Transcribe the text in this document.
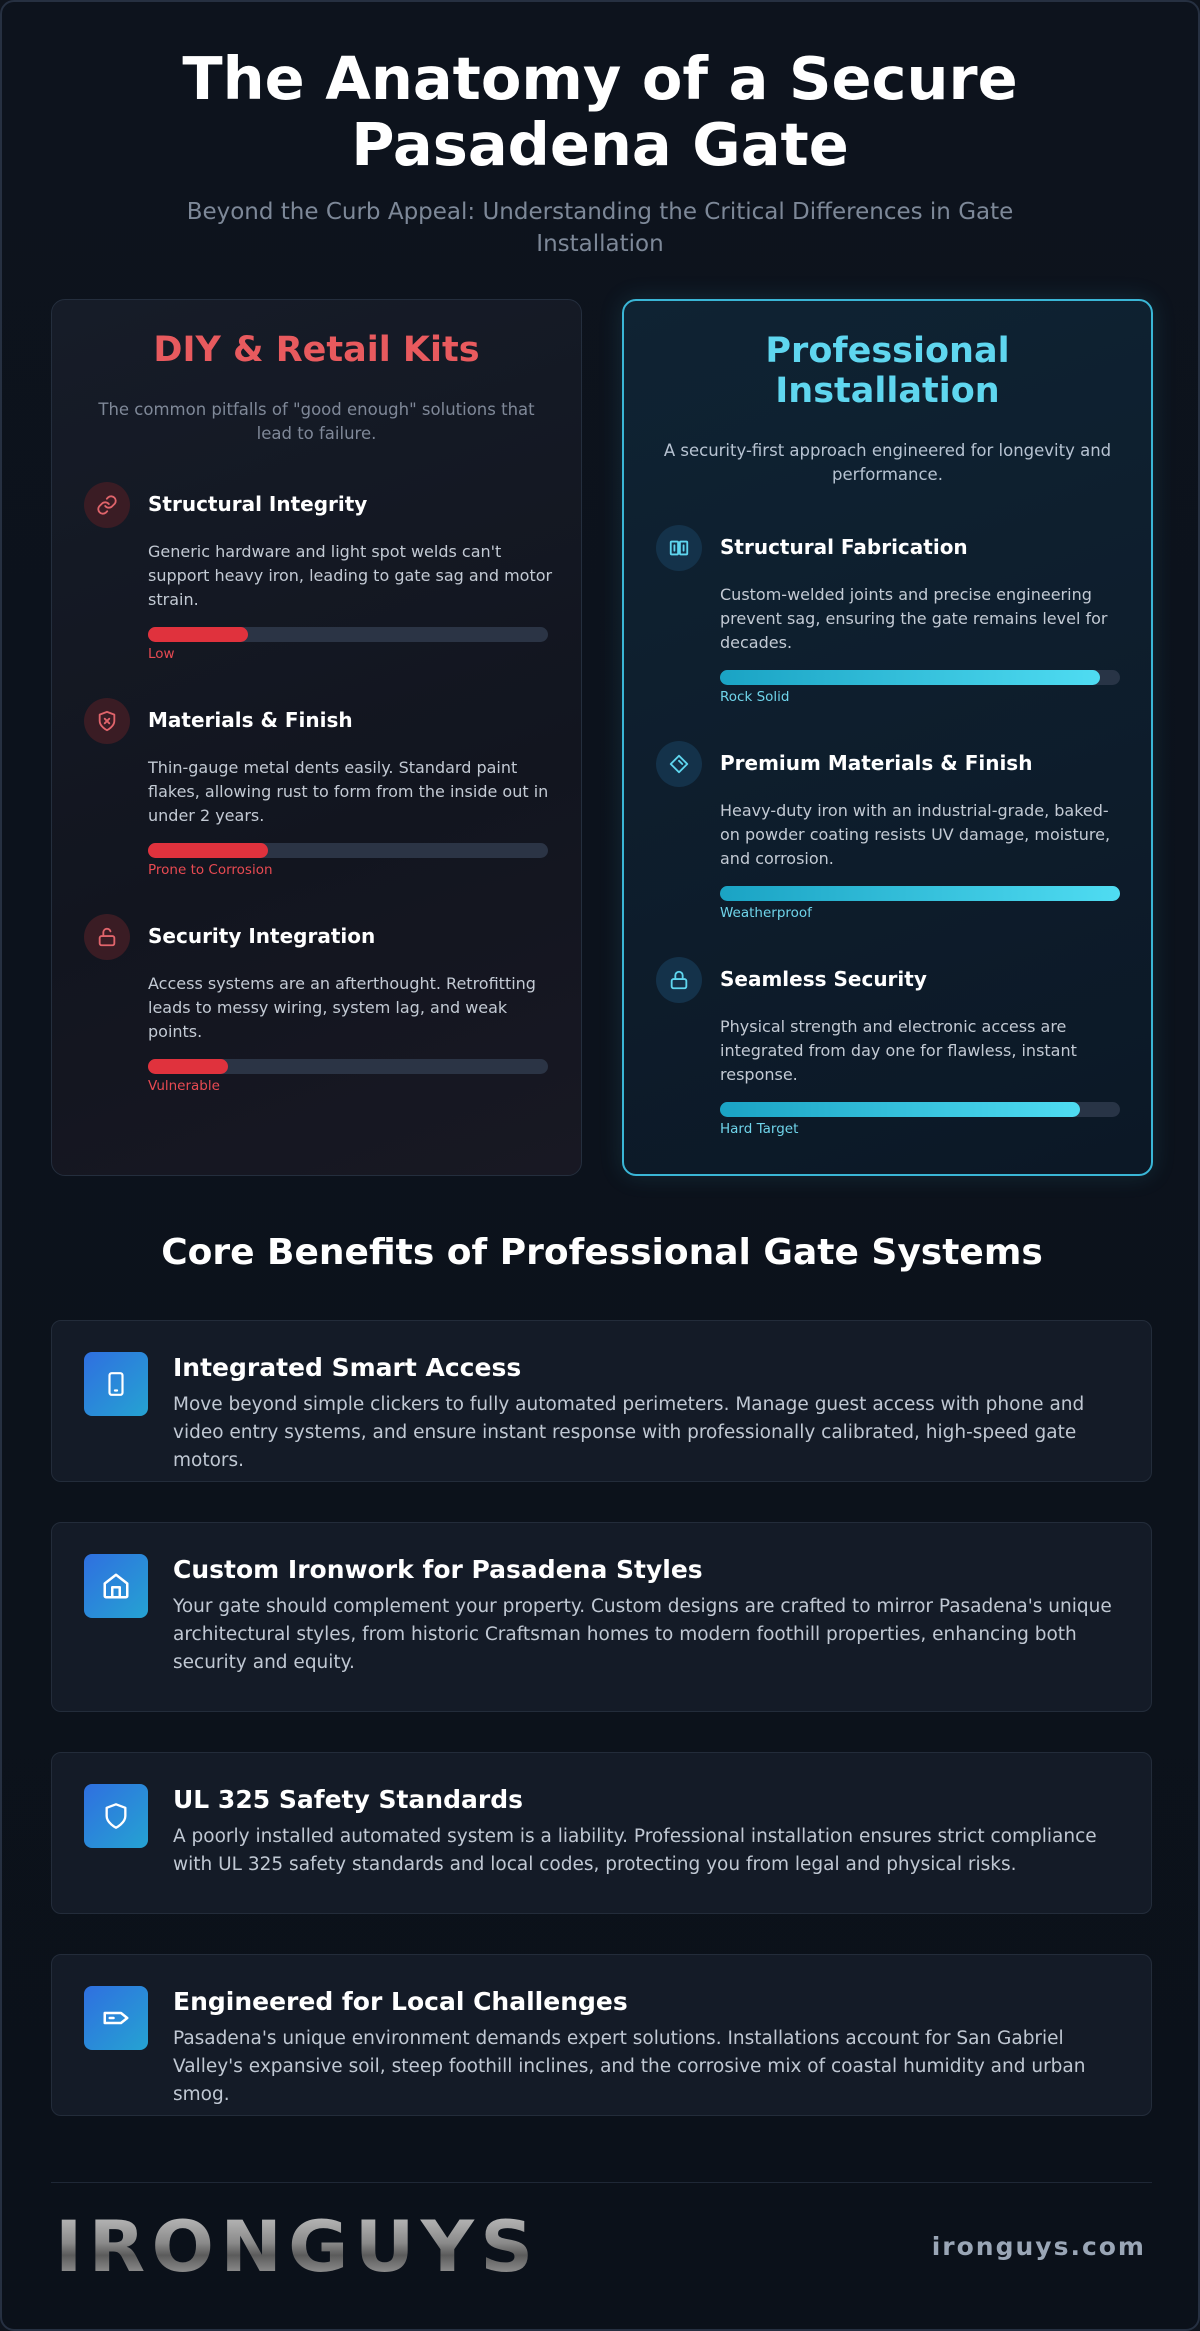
The Anatomy of a Secure Pasadena Gate

Beyond the Curb Appeal: Understanding the Critical Differences in Gate Installation

DIY & Retail Kits

The common pitfalls of "good enough" solutions that lead to failure.

Structural Integrity
Generic hardware and light spot welds can't support heavy iron, leading to gate sag and motor strain.
Low
Materials & Finish
Thin-gauge metal dents easily. Standard paint flakes, allowing rust to form from the inside out in under 2 years.
Prone to Corrosion
Security Integration
Access systems are an afterthought. Retrofitting leads to messy wiring, system lag, and weak points.
Vulnerable
Professional Installation

A security-first approach engineered for longevity and performance.

Structural Fabrication
Custom-welded joints and precise engineering prevent sag, ensuring the gate remains level for decades.
Rock Solid
Premium Materials & Finish
Heavy-duty iron with an industrial-grade, baked-on powder coating resists UV damage, moisture, and corrosion.
Weatherproof
Seamless Security
Physical strength and electronic access are integrated from day one for flawless, instant response.
Hard Target
Core Benefits of Professional Gate Systems
Integrated Smart Access
Move beyond simple clickers to fully automated perimeters. Manage guest access with phone and video entry systems, and ensure instant response with professionally calibrated, high-speed gate motors.
Custom Ironwork for Pasadena Styles
Your gate should complement your property. Custom designs are crafted to mirror Pasadena's unique architectural styles, from historic Craftsman homes to modern foothill properties, enhancing both security and equity.
UL 325 Safety Standards
A poorly installed automated system is a liability. Professional installation ensures strict compliance with UL 325 safety standards and local codes, protecting you from legal and physical risks.
Engineered for Local Challenges
Pasadena's unique environment demands expert solutions. Installations account for San Gabriel Valley's expansive soil, steep foothill inclines, and the corrosive mix of coastal humidity and urban smog.
IRONGUYS	ironguys.com
